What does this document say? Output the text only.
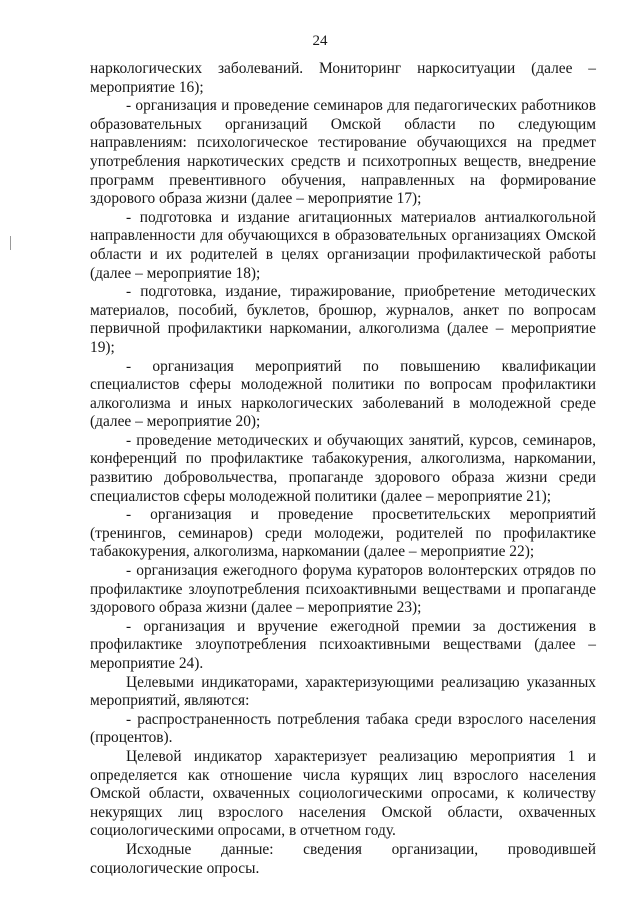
24

наркологических заболеваний. Мониторинг наркоситуации (далее – мероприятие 16);

- организация и проведение семинаров для педагогических работников образовательных организаций Омской области по следующим направлениям: психологическое тестирование обучающихся на предмет употребления наркотических средств и психотропных веществ, внедрение программ превентивного обучения, направленных на формирование здорового образа жизни (далее – мероприятие 17);

- подготовка и издание агитационных материалов антиалкогольной направленности для обучающихся в образовательных организациях Омской области и их родителей в целях организации профилактической работы (далее – мероприятие 18);

- подготовка, издание, тиражирование, приобретение методических материалов, пособий, буклетов, брошюр, журналов, анкет по вопросам первичной профилактики наркомании, алкоголизма (далее – мероприятие 19);

- организация мероприятий по повышению квалификации специалистов сферы молодежной политики по вопросам профилактики алкоголизма и иных наркологических заболеваний в молодежной среде (далее – мероприятие 20);

- проведение методических и обучающих занятий, курсов, семинаров, конференций по профилактике табакокурения, алкоголизма, наркомании, развитию добровольчества, пропаганде здорового образа жизни среди специалистов сферы молодежной политики (далее – мероприятие 21);

- организация и проведение просветительских мероприятий (тренингов, семинаров) среди молодежи, родителей по профилактике табакокурения, алкоголизма, наркомании (далее – мероприятие 22);

- организация ежегодного форума кураторов волонтерских отрядов по профилактике злоупотребления психоактивными веществами и пропаганде здорового образа жизни (далее – мероприятие 23);

- организация и вручение ежегодной премии за достижения в профилактике злоупотребления психоактивными веществами (далее – мероприятие 24).

Целевыми индикаторами, характеризующими реализацию указанных мероприятий, являются:

- распространенность потребления табака среди взрослого населения (процентов).

Целевой индикатор характеризует реализацию мероприятия 1 и определяется как отношение числа курящих лиц взрослого населения Омской области, охваченных социологическими опросами, к количеству некурящих лиц взрослого населения Омской области, охваченных социологическими опросами, в отчетном году.

Исходные данные: сведения организации, проводившей социологические опросы.
